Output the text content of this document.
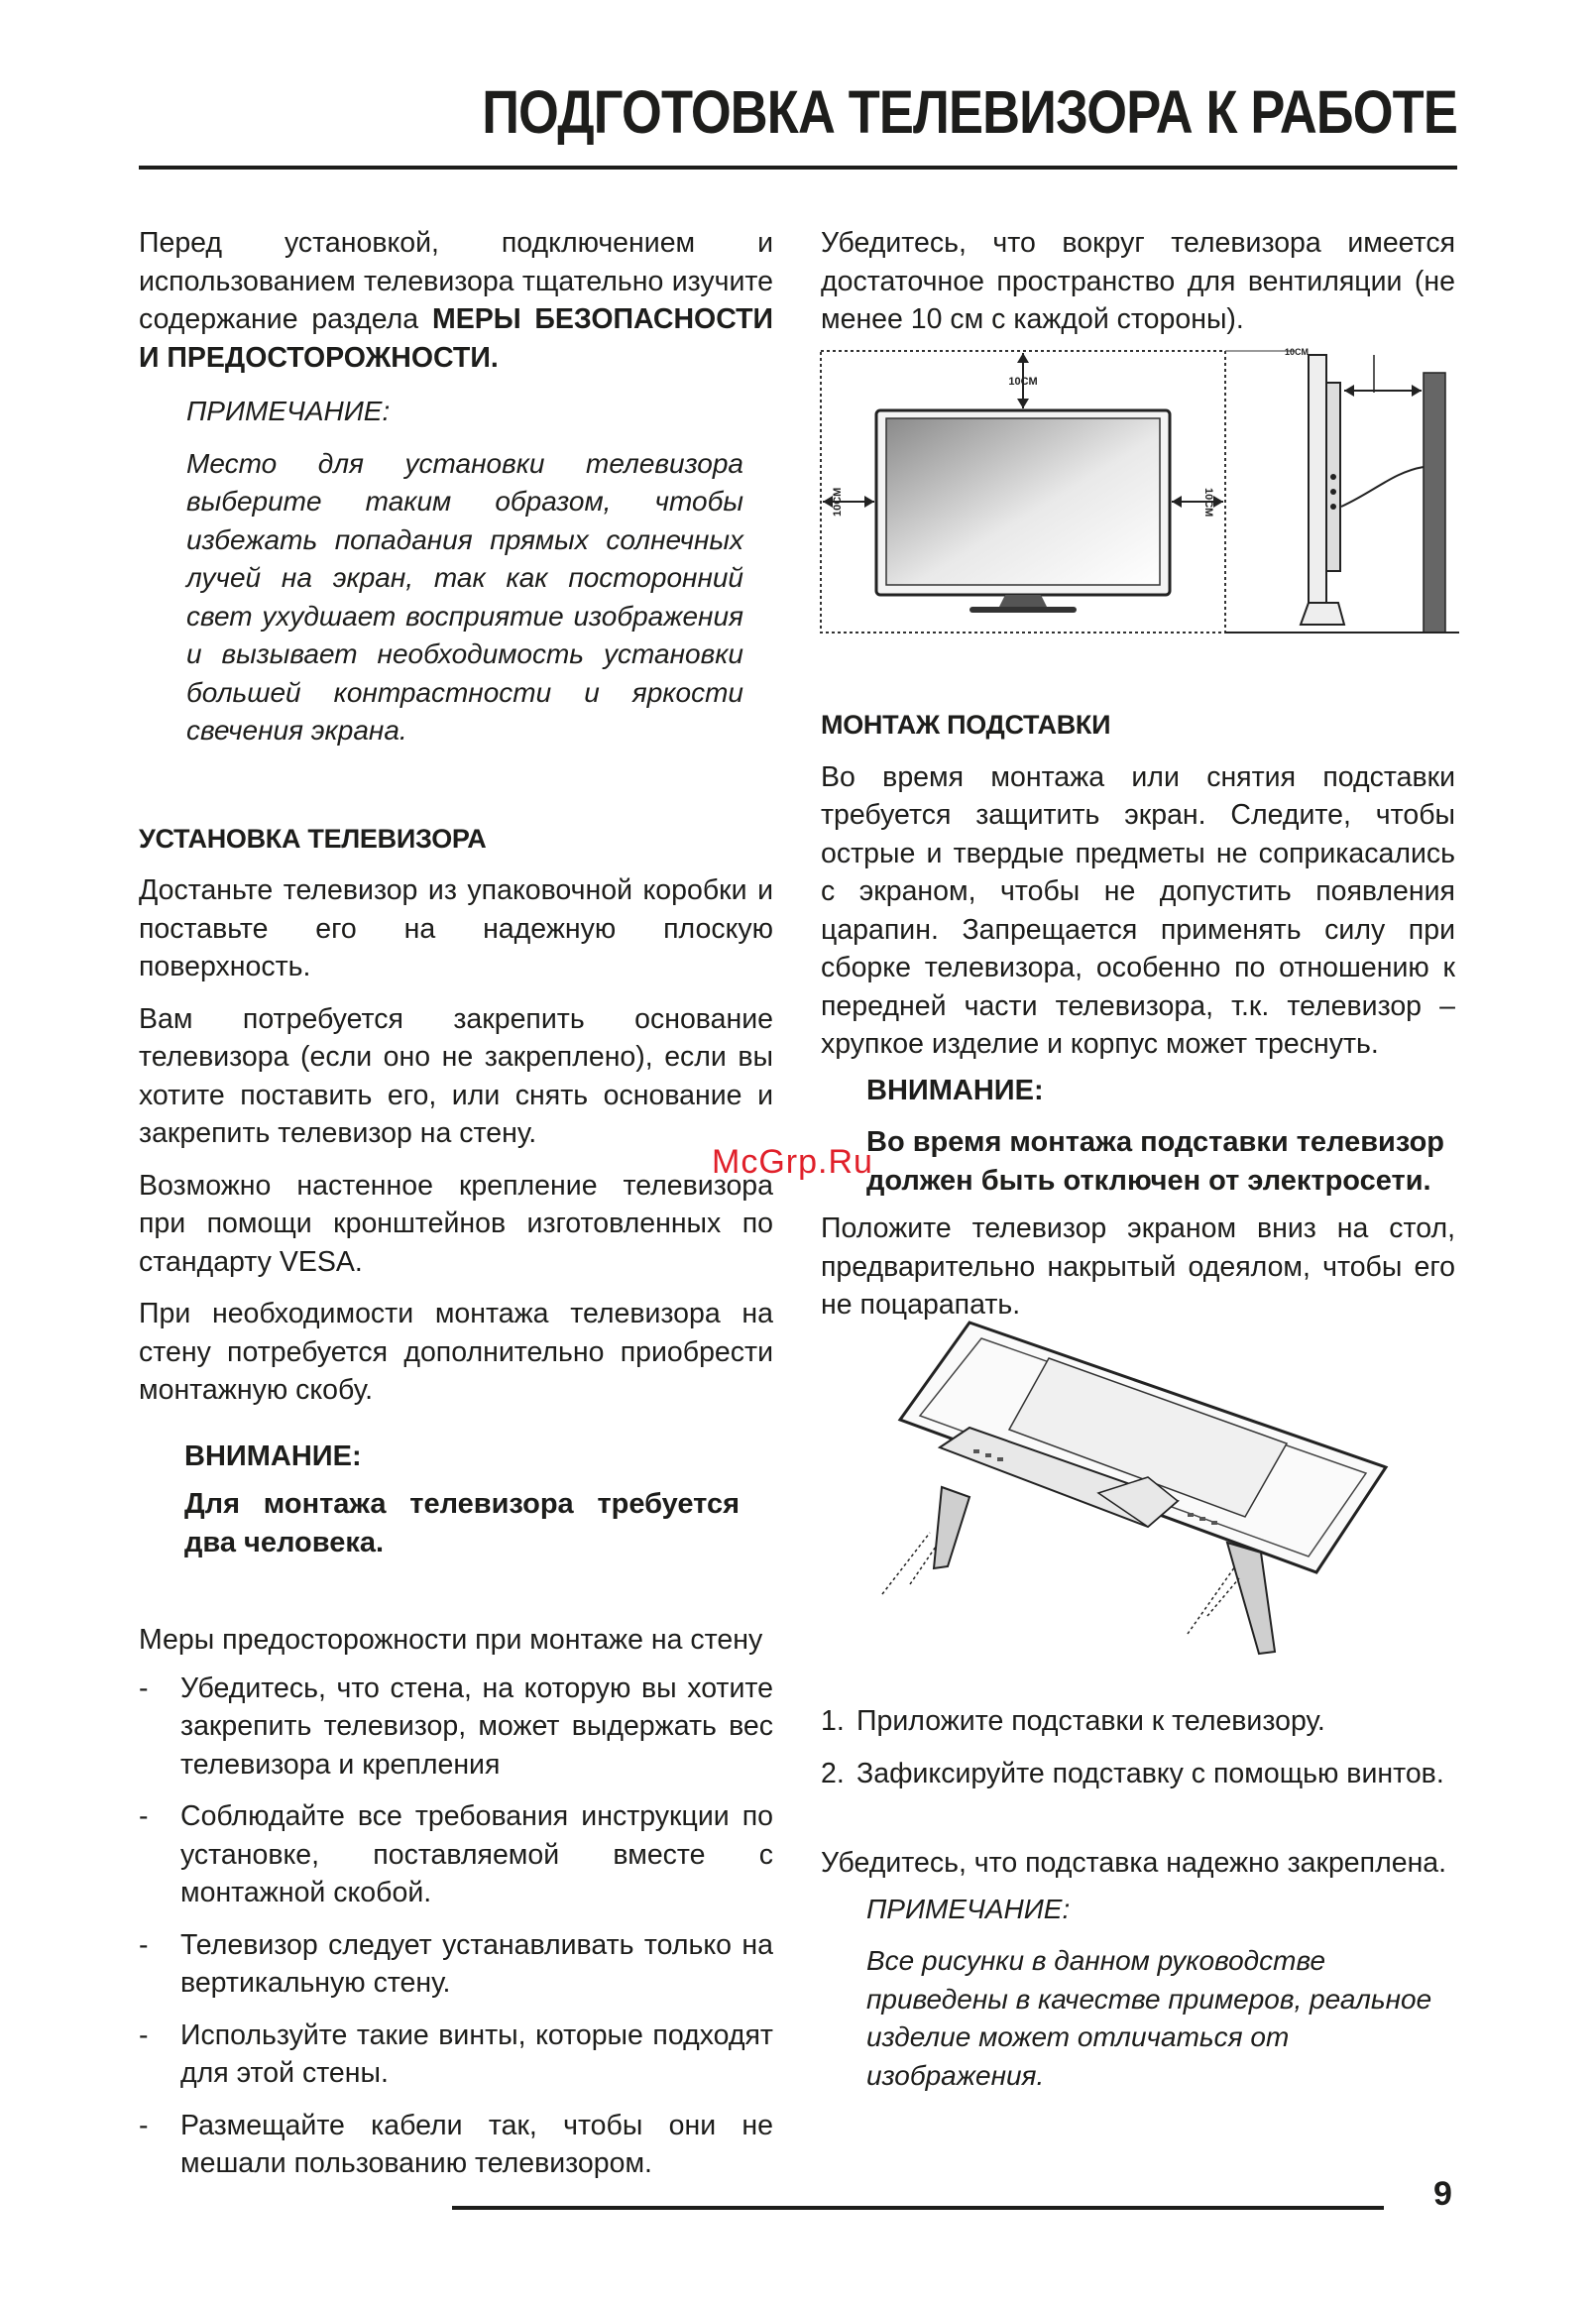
ПОДГОТОВКА ТЕЛЕВИЗОРА К РАБОТЕ

Перед установкой, подключением и использованием телевизора тщательно изучите содержание раздела МЕРЫ БЕЗОПАСНОСТИ И ПРЕДОСТОРОЖНОСТИ.

ПРИМЕЧАНИЕ:

Место для установки телевизора выберите таким образом, чтобы избежать попадания прямых солнечных лучей на экран, так как посторонний свет ухудшает восприятие изображения и вызывает необходимость установки большей контрастности и яркости свечения экрана.

УСТАНОВКА ТЕЛЕВИЗОРА

Достаньте телевизор из упаковочной коробки и поставьте его на надежную плоскую поверхность.

Вам потребуется закрепить основание телевизора (если оно не закреплено), если вы хотите поставить его, или снять основание и закрепить телевизор на стену.

Возможно настенное крепление телевизора при помощи кронштейнов изготовленных по стандарту VESA.

При необходимости монтажа телевизора на стену потребуется дополнительно приобрести монтажную скобу.

ВНИМАНИЕ:

Для монтажа телевизора требуется два человека.

Меры предосторожности при монтаже на стену

- Убедитесь, что стена, на которую вы хотите закрепить телевизор, может выдержать вес телевизора и крепления
- Соблюдайте все требования инструкции по установке, поставляемой вместе с монтажной скобой.
- Телевизор следует устанавливать только на вертикальную стену.
- Используйте такие винты, которые подходят для этой стены.
- Размещайте кабели так, чтобы они не мешали пользованию телевизором.

Убедитесь, что вокруг телевизора имеется достаточное пространство для вентиляции (не менее 10 см с каждой стороны).

10CM
10CM	10CM
10CM

МОНТАЖ ПОДСТАВКИ

Во время монтажа или снятия подставки требуется защитить экран. Следите, чтобы острые и твердые предметы не соприкасались с экраном, чтобы не допустить появления царапин. Запрещается применять силу при сборке телевизора, особенно по отношению к передней части телевизора, т.к. телевизор – хрупкое изделие и корпус может треснуть.

ВНИМАНИЕ:

Во время монтажа подставки телевизор должен быть отключен от электросети.

Положите телевизор экраном вниз на стол, предварительно накрытый одеялом, чтобы его не поцарапать.

1. Приложите подставки к телевизору.
2. Зафиксируйте подставку с помощью винтов.

Убедитесь, что подставка надежно закреплена.

ПРИМЕЧАНИЕ:

Все рисунки в данном руководстве приведены в качестве примеров, реальное изделие может отличаться от изображения.

McGrp.Ru
9
